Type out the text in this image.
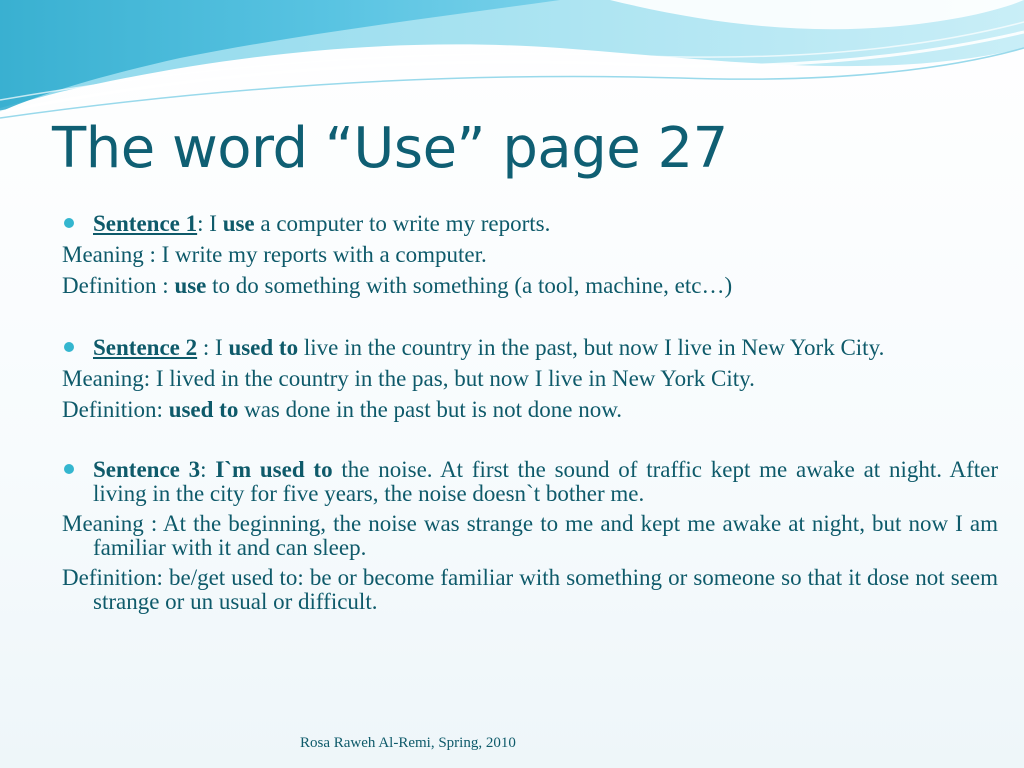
The word “Use” page 27

Sentence 1: I use a computer to write my reports.

Meaning : I write my reports with a computer.

Definition : use to do something with something (a tool, machine, etc…)

Sentence 2 : I used to live in the country in the past, but now I live in New York City.

Meaning: I lived in the country in the pas, but now I live in New York City.

Definition: used to was done in the past but is not done now.

Sentence 3: I`m used to the noise. At first the sound of traffic kept me awake at night. After living in the city for five years, the noise doesn`t bother me.

Meaning : At the beginning, the noise was strange to me and kept me awake at night, but now I am familiar with it and can sleep.

Definition: be/get used to: be or become familiar with something or someone so that it dose not seem strange or un usual or difficult.

Rosa Raweh Al-Remi, Spring, 2010
